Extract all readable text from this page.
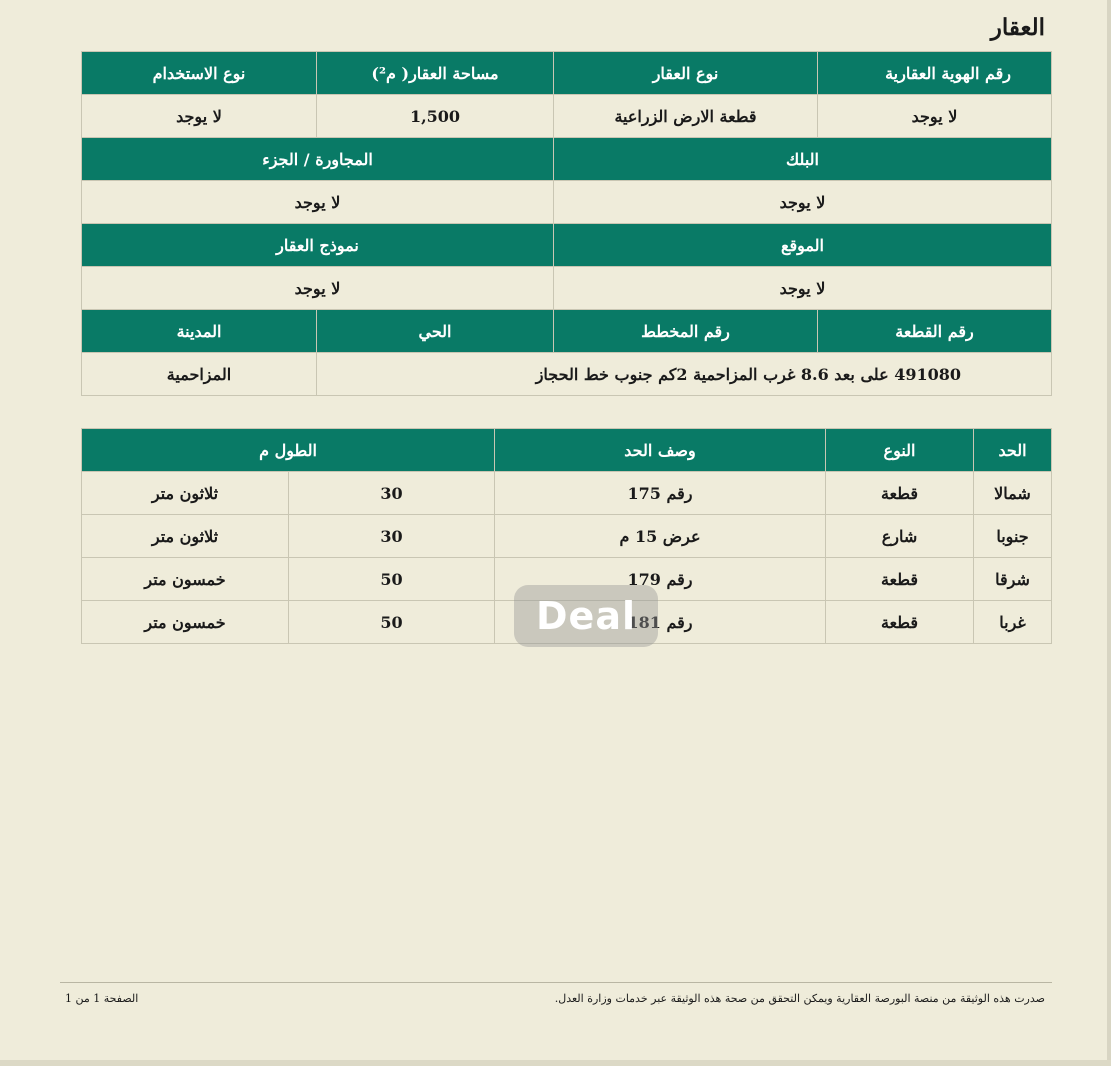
العقار
رقم الهوية العقارية	نوع العقار	مساحة العقار( م²)	نوع الاستخدام
لا يوجد	قطعة الارض الزراعية	1,500	لا يوجد
البلك		المجاورة / الجزء	
لا يوجد		لا يوجد	
الموقع		نموذج العقار	
لا يوجد		لا يوجد	
رقم القطعة	رقم المخطط	الحي	المدينة
491080 على بعد 8.6 غرب المزاحمية 2كم جنوب خط الحجاز			المزاحمية
الحد	النوع	وصف الحد	الطول م	
شمالا	قطعة	رقم 175	30	ثلاثون متر
جنوبا	شارع	عرض 15 م	30	ثلاثون متر
شرقا	قطعة	رقم 179	50	خمسون متر
غربا	قطعة	رقم 181	50	خمسون متر	Deal
صدرت هذه الوثيقة من منصة البورصة العقارية ويمكن التحقق من صحة هذه الوثيقة عبر خدمات وزارة العدل.
الصفحة 1 من 1
